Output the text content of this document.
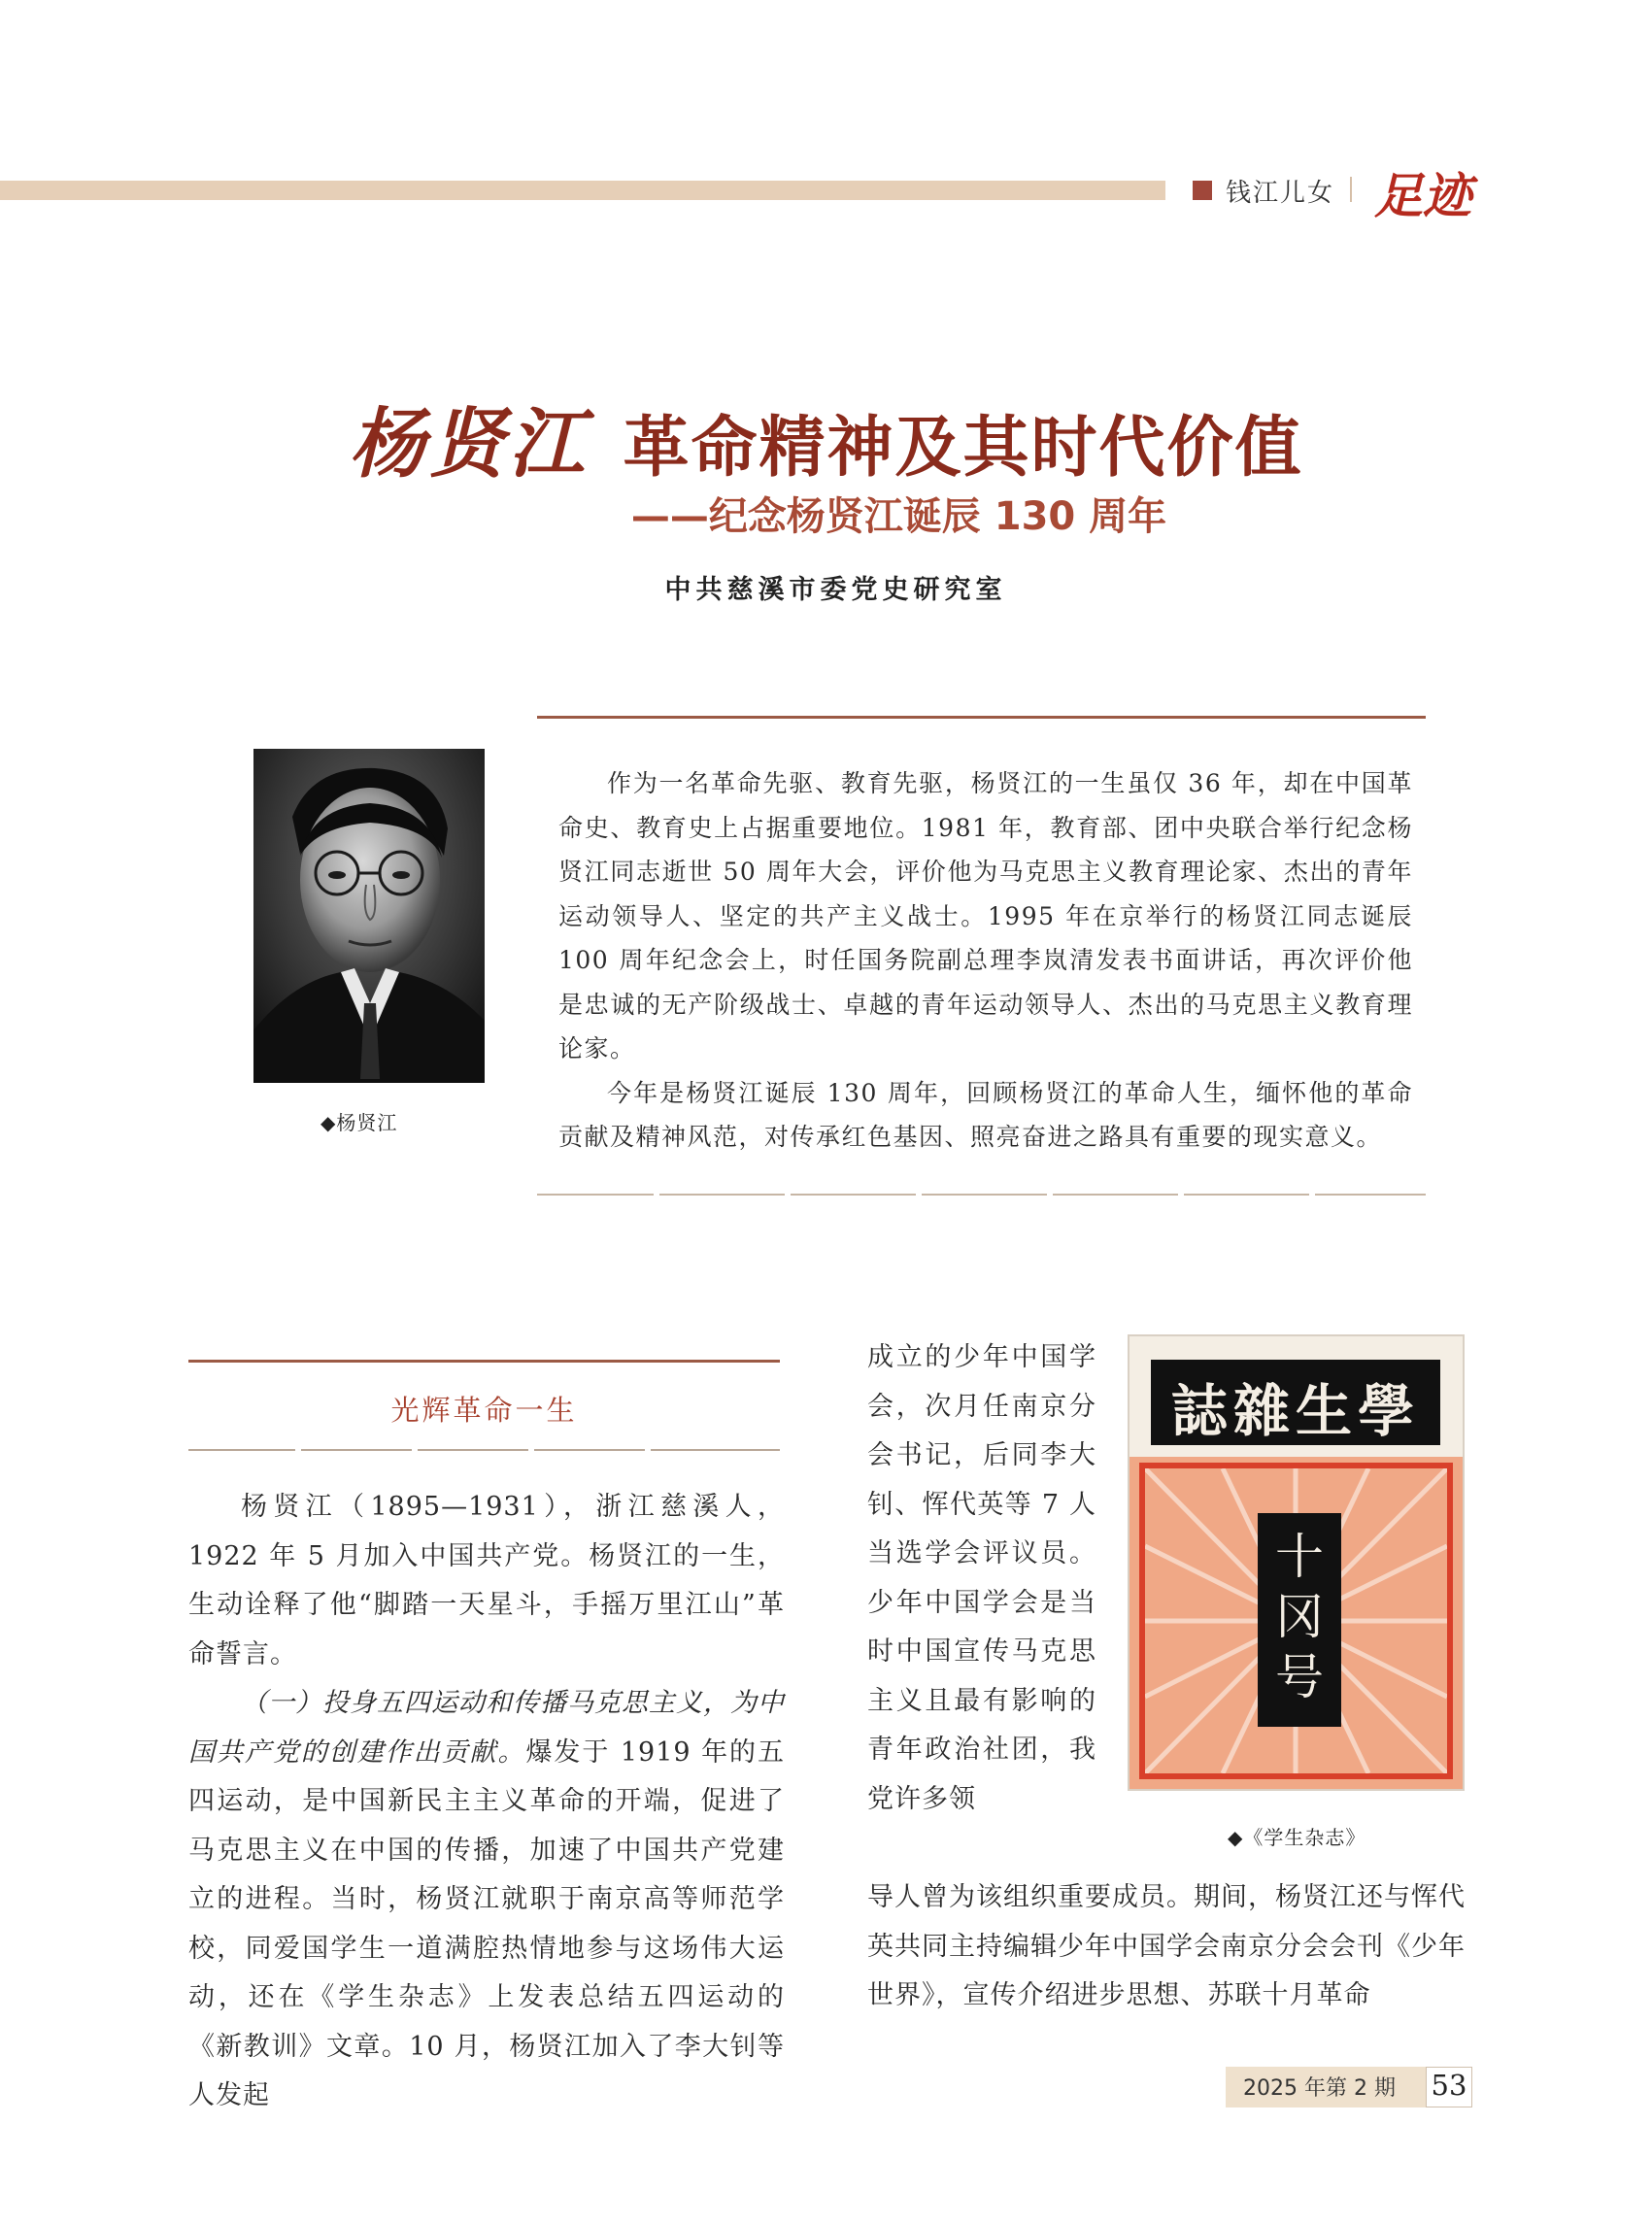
钱江儿女 足迹
杨贤江 革命精神及其时代价值
——纪念杨贤江诞辰 130 周年
中共慈溪市委党史研究室
◆杨贤江

作为一名革命先驱、教育先驱，杨贤江的一生虽仅 36 年，却在中国革命史、教育史上占据重要地位。1981 年，教育部、团中央联合举行纪念杨贤江同志逝世 50 周年大会，评价他为马克思主义教育理论家、杰出的青年运动领导人、坚定的共产主义战士。1995 年在京举行的杨贤江同志诞辰 100 周年纪念会上，时任国务院副总理李岚清发表书面讲话，再次评价他是忠诚的无产阶级战士、卓越的青年运动领导人、杰出的马克思主义教育理论家。

今年是杨贤江诞辰 130 周年，回顾杨贤江的革命人生，缅怀他的革命贡献及精神风范，对传承红色基因、照亮奋进之路具有重要的现实意义。

光辉革命一生

杨贤江（1895—1931），浙江慈溪人，1922 年 5 月加入中国共产党。杨贤江的一生，生动诠释了他“脚踏一天星斗，手摇万里江山”革命誓言。

（一）投身五四运动和传播马克思主义，为中国共产党的创建作出贡献。爆发于 1919 年的五四运动，是中国新民主主义革命的开端，促进了马克思主义在中国的传播，加速了中国共产党建立的进程。当时，杨贤江就职于南京高等师范学校，同爱国学生一道满腔热情地参与这场伟大运动，还在《学生杂志》上发表总结五四运动的《新教训》文章。10 月，杨贤江加入了李大钊等人发起

成立的少年中国学会，次月任南京分会书记，后同李大钊、恽代英等 7 人当选学会评议员。少年中国学会是当时中国宣传马克思主义且最有影响的青年政治社团，我党许多领
誌雜生學
十
冈
号
◆《学生杂志》
导人曾为该组织重要成员。期间，杨贤江还与恽代英共同主持编辑少年中国学会南京分会会刊《少年世界》，宣传介绍进步思想、苏联十月革命
2025 年第 2 期 53
